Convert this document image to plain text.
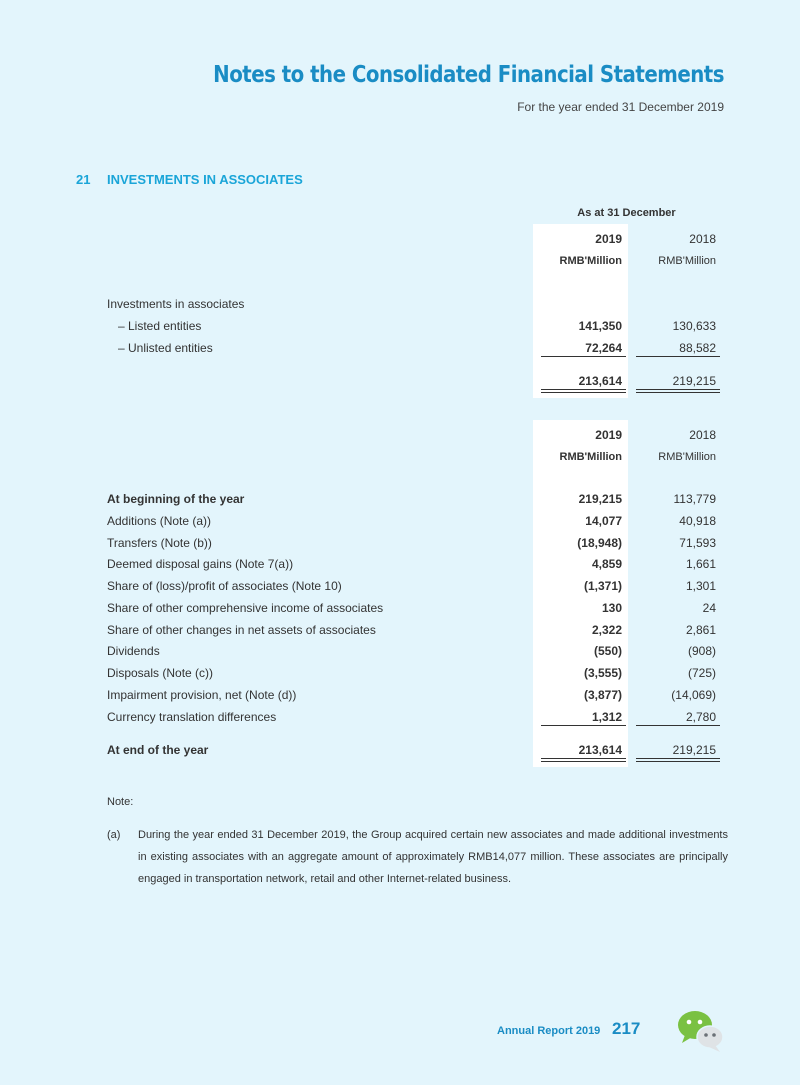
Notes to the Consolidated Financial Statements
For the year ended 31 December 2019
21 INVESTMENTS IN ASSOCIATES
As at 31 December
2019	2018
RMB'Million	RMB'Million
Investments in associates
– Listed entities	141,350	130,633
– Unlisted entities	72,264	88,582
213,614	219,215
2019	2018
RMB'Million	RMB'Million
At beginning of the year	219,215	113,779
Additions (Note (a))	14,077	40,918
Transfers (Note (b))	(18,948)	71,593
Deemed disposal gains (Note 7(a))	4,859	1,661
Share of (loss)/profit of associates (Note 10)	(1,371)	1,301
Share of other comprehensive income of associates	130	24
Share of other changes in net assets of associates	2,322	2,861
Dividends	(550)	(908)
Disposals (Note (c))	(3,555)	(725)
Impairment provision, net (Note (d))	(3,877)	(14,069)
Currency translation differences	1,312	2,780
At end of the year	213,614	219,215
Note:
(a) During the year ended 31 December 2019, the Group acquired certain new associates and made additional investments in existing associates with an aggregate amount of approximately RMB14,077 million. These associates are principally engaged in transportation network, retail and other Internet-related business.
Annual Report 2019 217
